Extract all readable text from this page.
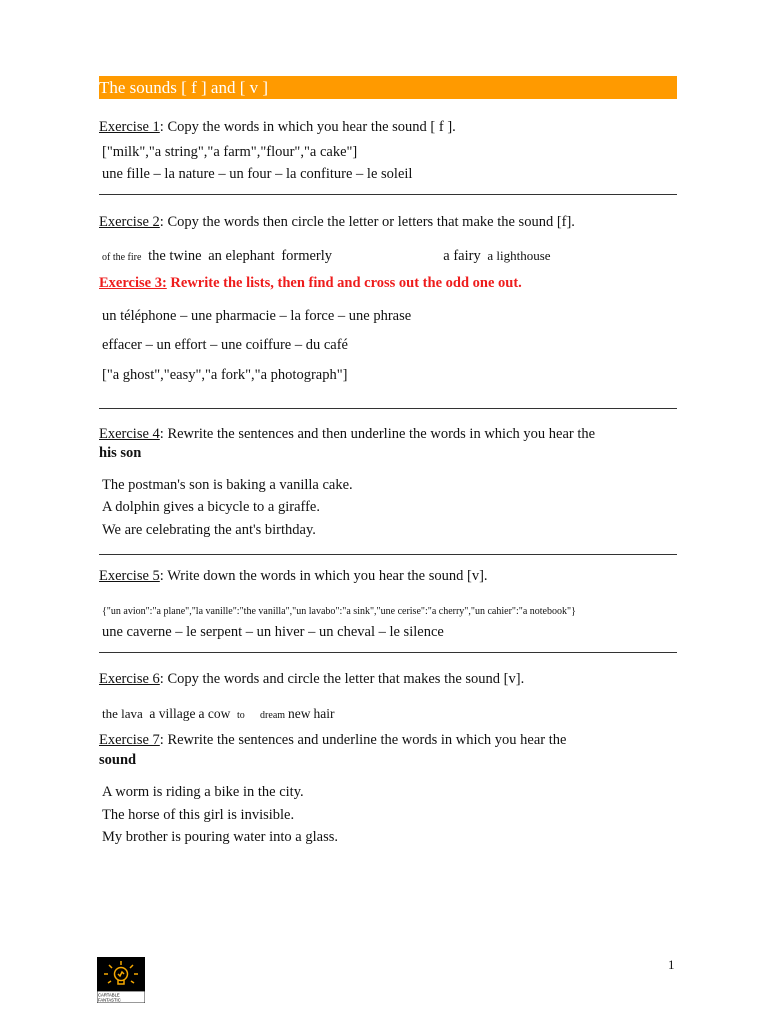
The sounds [ f ] and [ v ]
Exercise 1: Copy the words in which you hear the sound [ f ].
["milk","a string","a farm","flour","a cake"]
une fille – la nature – un four – la confiture – le soleil
Exercise 2: Copy the words then circle the letter or letters that make the sound [f].
of the fire the twine an elephant formerly	a fairy a lighthouse
Exercise 3: Rewrite the lists, then find and cross out the odd one out.
un téléphone – une pharmacie – la force – une phrase
effacer – un effort – une coiffure – du café
["a ghost","easy","a fork","a photograph"]
Exercise 4: Rewrite the sentences and then underline the words in which you hear the
his son
The postman's son is baking a vanilla cake.
A dolphin gives a bicycle to a giraffe.
We are celebrating the ant's birthday.
Exercise 5: Write down the words in which you hear the sound [v].
{"un avion":"a plane","la vanille":"the vanilla","un lavabo":"a sink","une cerise":"a cherry","un cahier":"a notebook"}
une caverne – le serpent – un hiver – un cheval – le silence
Exercise 6: Copy the words and circle the letter that makes the sound [v].
the lava a village a cow to dream new hair
Exercise 7: Rewrite the sentences and underline the words in which you hear the
sound
A worm is riding a bike in the city.
The horse of this girl is invisible.
My brother is pouring water into a glass.
1
CARTABLE
FANTASTIC
